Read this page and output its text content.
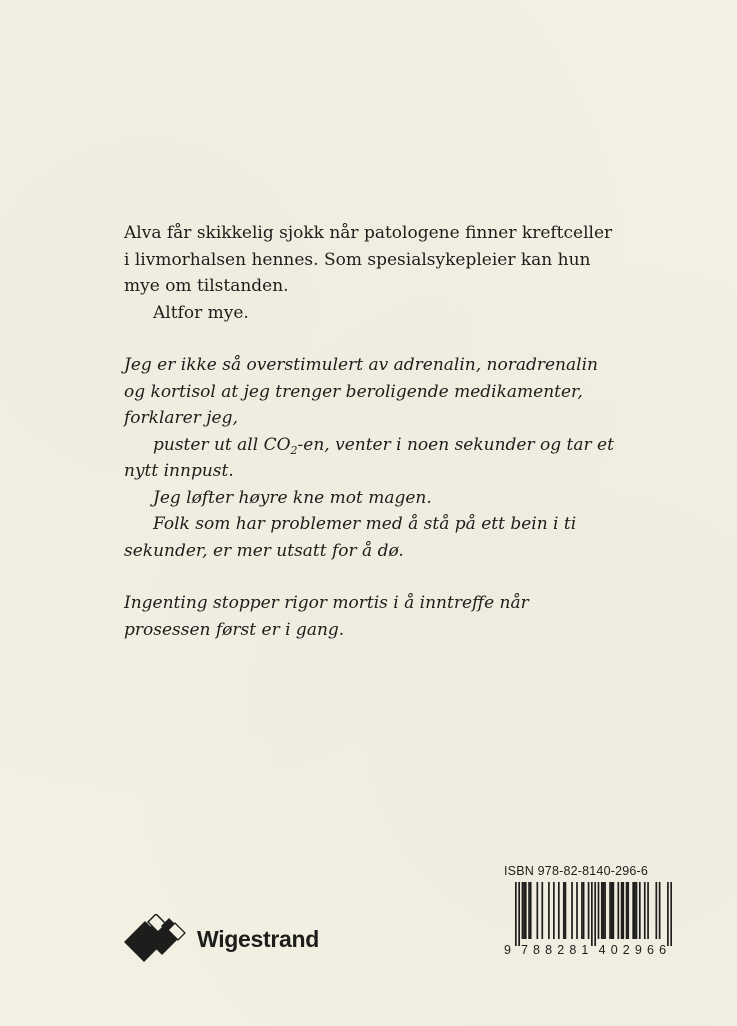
Alva får skikkelig sjokk når patologene finner kreftceller i livmorhalsen hennes. Som spesialsykepleier kan hun mye om tilstanden.

Altfor mye.

Jeg er ikke så overstimulert av adrenalin, noradrenalin og kortisol at jeg trenger beroligende medikamenter, forklarer jeg,

puster ut all $CO_2-en$, venter i noen sekunder og tar et nytt innpust.

Jeg løfter høyre kne mot magen.

Folk som har problemer med å stå på ett bein i ti sekunder, er mer utsatt for å dø.

Ingenting stopper rigor mortis i å inntreffe når prosessen først er i gang.

ISBN 978-82-8140-296-6
9 788281 402966
Wigestrand
